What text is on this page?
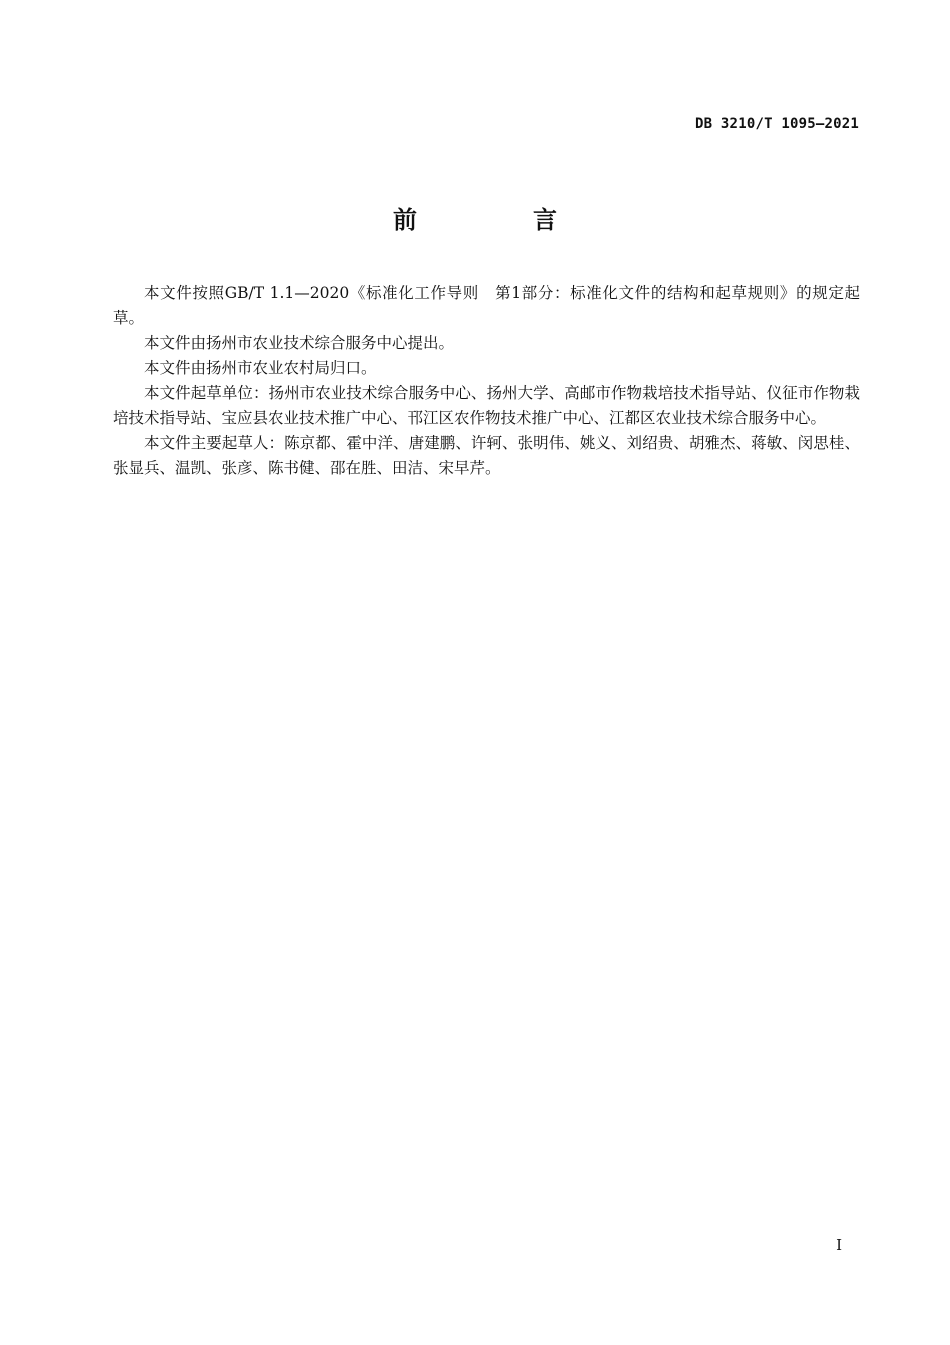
DB 3210/T 1095—2021
前　言

本文件按照GB/T 1.1—2020《标准化工作导则　第1部分：标准化文件的结构和起草规则》的规定起草。

本文件由扬州市农业技术综合服务中心提出。

本文件由扬州市农业农村局归口。

本文件起草单位：扬州市农业技术综合服务中心、扬州大学、高邮市作物栽培技术指导站、仪征市作物栽培技术指导站、宝应县农业技术推广中心、邗江区农作物技术推广中心、江都区农业技术综合服务中心。

本文件主要起草人：陈京都、霍中洋、唐建鹏、许轲、张明伟、姚义、刘绍贵、胡雅杰、蒋敏、闵思桂、张显兵、温凯、张彦、陈书健、邵在胜、田洁、宋早芹。

I
